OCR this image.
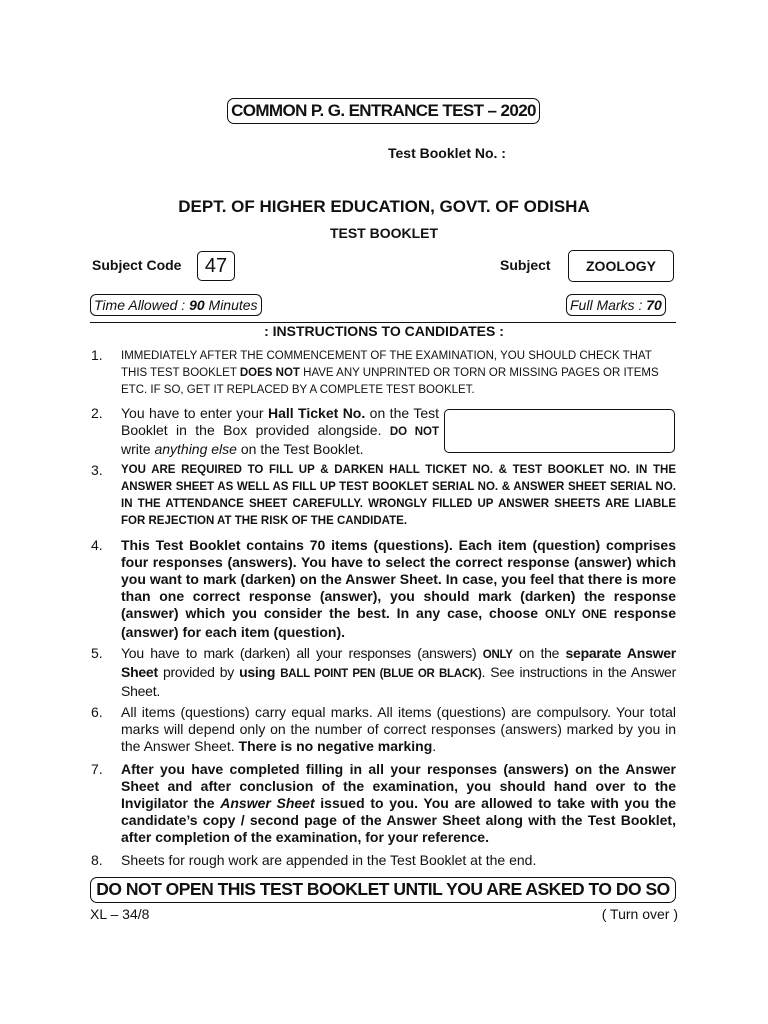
COMMON P. G. ENTRANCE TEST – 2020
Test Booklet No. :
DEPT. OF HIGHER EDUCATION, GOVT. OF ODISHA
TEST BOOKLET
Subject Code	47	Subject	ZOOLOGY
Time Allowed : 90 Minutes	Full Marks : 70
: INSTRUCTIONS TO CANDIDATES :
1. IMMEDIATELY AFTER THE COMMENCEMENT OF THE EXAMINATION, YOU SHOULD CHECK THAT THIS TEST BOOKLET DOES NOT HAVE ANY UNPRINTED OR TORN OR MISSING PAGES OR ITEMS ETC. IF SO, GET IT REPLACED BY A COMPLETE TEST BOOKLET.

2. You have to enter your Hall Ticket No. on the Test Booklet in the Box provided alongside. DO NOT write anything else on the Test Booklet.

3. YOU ARE REQUIRED TO FILL UP & DARKEN HALL TICKET NO. & TEST BOOKLET NO. IN THE ANSWER SHEET AS WELL AS FILL UP TEST BOOKLET SERIAL NO. & ANSWER SHEET SERIAL NO. IN THE ATTENDANCE SHEET CAREFULLY. WRONGLY FILLED UP ANSWER SHEETS ARE LIABLE FOR REJECTION AT THE RISK OF THE CANDIDATE.

4. This Test Booklet contains 70 items (questions). Each item (question) comprises four responses (answers). You have to select the correct response (answer) which you want to mark (darken) on the Answer Sheet. In case, you feel that there is more than one correct response (answer), you should mark (darken) the response (answer) which you consider the best. In any case, choose ONLY ONE response (answer) for each item (question).

5. You have to mark (darken) all your responses (answers) ONLY on the separate Answer Sheet provided by using BALL POINT PEN (BLUE OR BLACK). See instructions in the Answer Sheet.

6. All items (questions) carry equal marks. All items (questions) are compulsory. Your total marks will depend only on the number of correct responses (answers) marked by you in the Answer Sheet. There is no negative marking.

7. After you have completed filling in all your responses (answers) on the Answer Sheet and after conclusion of the examination, you should hand over to the Invigilator the Answer Sheet issued to you. You are allowed to take with you the candidate’s copy / second page of the Answer Sheet along with the Test Booklet, after completion of the examination, for your reference.

8. Sheets for rough work are appended in the Test Booklet at the end.

DO NOT OPEN THIS TEST BOOKLET UNTIL YOU ARE ASKED TO DO SO
XL – 34/8	( Turn over )
